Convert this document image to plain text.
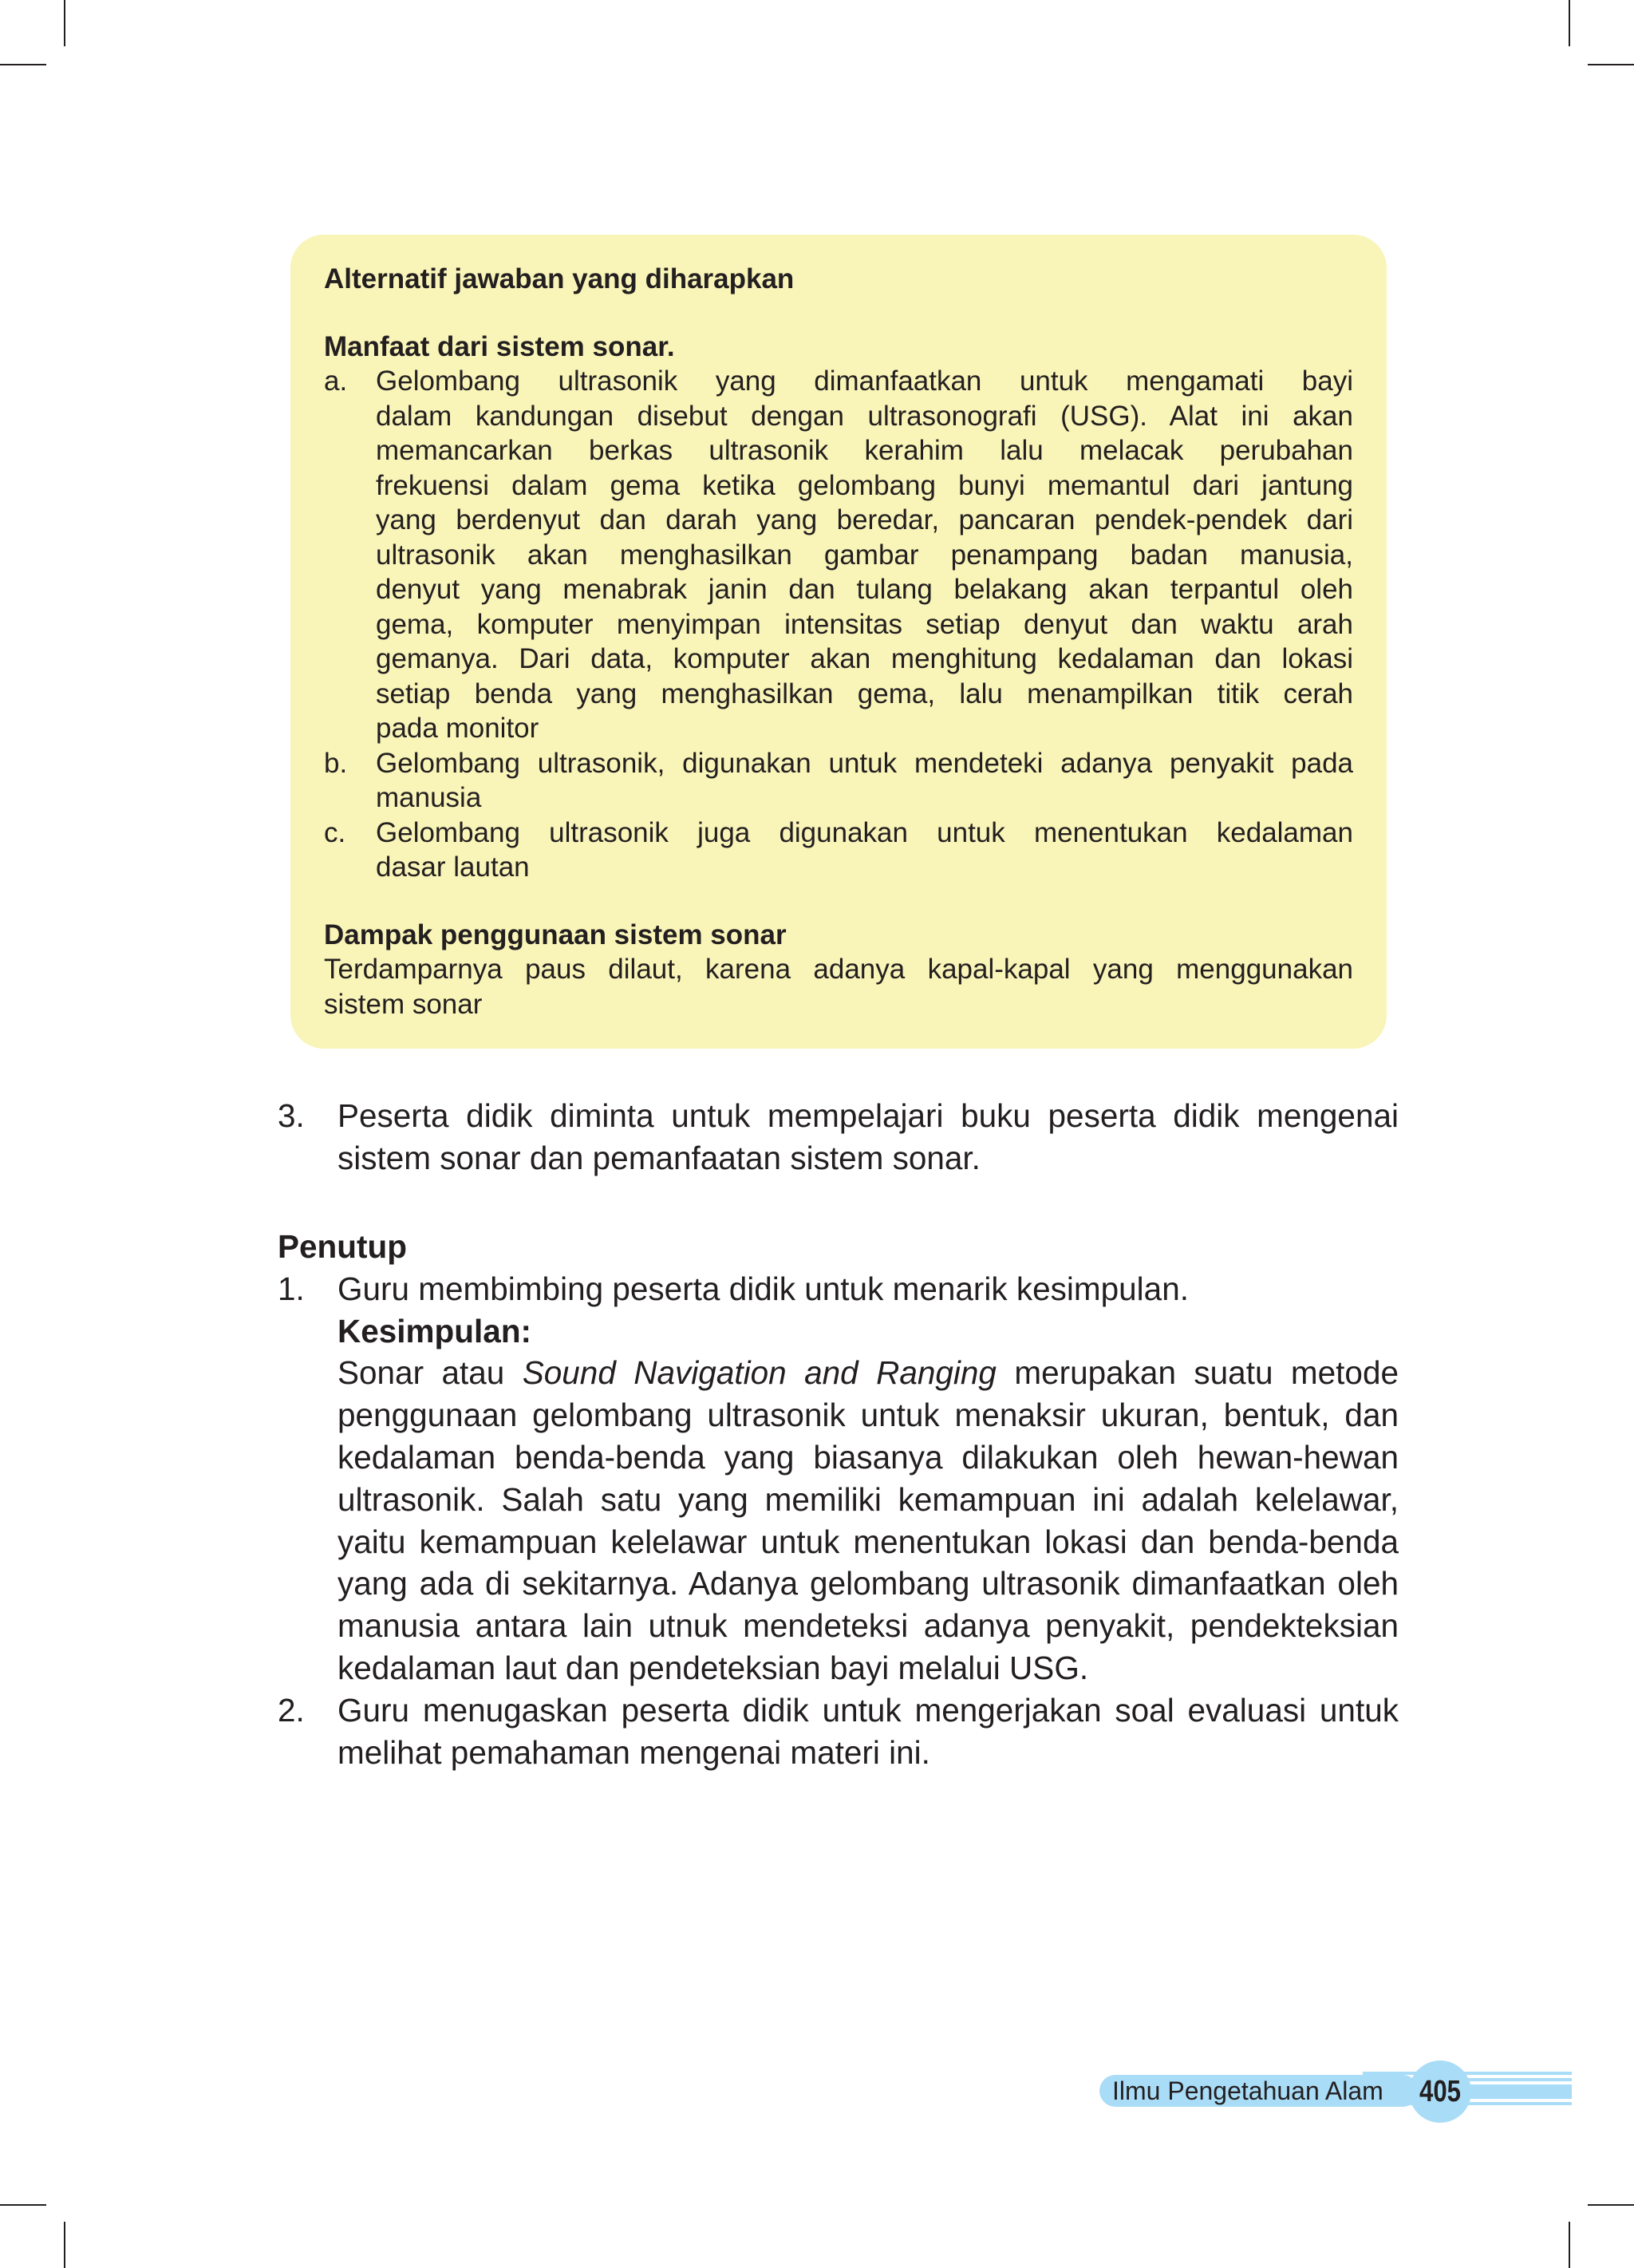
Alternatif jawaban yang diharapkan
Manfaat dari sistem sonar.
a. Gelombang ultrasonik yang dimanfaatkan untuk mengamati bayi
dalam kandungan disebut dengan ultrasonografi (USG). Alat ini akan
memancarkan berkas ultrasonik kerahim lalu melacak perubahan
frekuensi dalam gema ketika gelombang bunyi memantul dari jantung
yang berdenyut dan darah yang beredar, pancaran pendek-pendek dari
ultrasonik akan menghasilkan gambar penampang badan manusia,
denyut yang menabrak janin dan tulang belakang akan terpantul oleh
gema, komputer menyimpan intensitas setiap denyut dan waktu arah
gemanya. Dari data, komputer akan menghitung kedalaman dan lokasi
setiap benda yang menghasilkan gema, lalu menampilkan titik cerah
pada monitor
b. Gelombang ultrasonik, digunakan untuk mendeteki adanya penyakit pada
manusia
c. Gelombang ultrasonik juga digunakan untuk menentukan kedalaman
dasar lautan
Dampak penggunaan sistem sonar
Terdamparnya paus dilaut, karena adanya kapal-kapal yang menggunakan
sistem sonar
3. Peserta didik diminta untuk mempelajari buku peserta didik mengenai sistem sonar dan pemanfaatan sistem sonar.
Penutup
1. Guru membimbing peserta didik untuk menarik kesimpulan.
Kesimpulan:
Sonar atau Sound Navigation and Ranging merupakan suatu metode penggunaan gelombang ultrasonik untuk menaksir ukuran, bentuk, dan kedalaman benda-benda yang biasanya dilakukan oleh hewan-hewan ultrasonik. Salah satu yang memiliki kemampuan ini adalah kelelawar, yaitu kemampuan kelelawar untuk menentukan lokasi dan benda-benda yang ada di sekitarnya. Adanya gelombang ultrasonik dimanfaatkan oleh manusia antara lain utnuk mendeteksi adanya penyakit, pendekteksian kedalaman laut dan pendeteksian bayi melalui USG.
2. Guru menugaskan peserta didik untuk mengerjakan soal evaluasi untuk melihat pemahaman mengenai materi ini.
Ilmu Pengetahuan Alam	405
